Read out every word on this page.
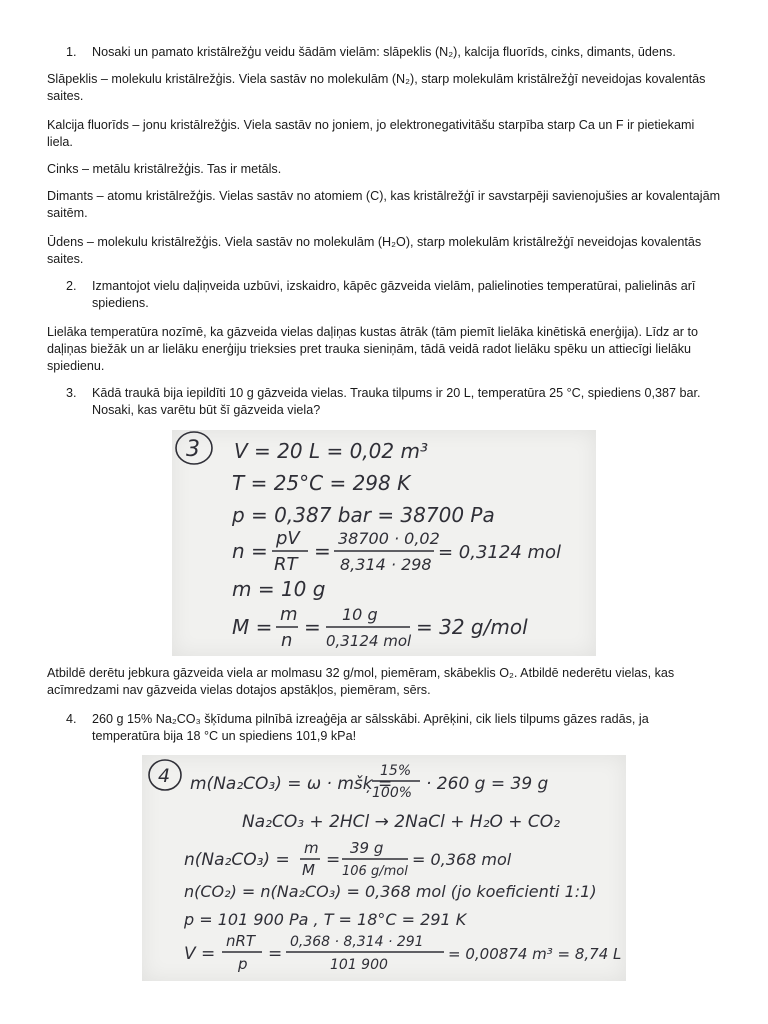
1.	Nosaki un pamato kristālrežģu veidu šādām vielām: slāpeklis (N₂), kalcija fluorīds, cinks, dimants, ūdens.
Slāpeklis – molekulu kristālrežģis. Viela sastāv no molekulām (N₂), starp molekulām kristālrežģī neveidojas kovalentās saites.
Kalcija fluorīds – jonu kristālrežģis. Viela sastāv no joniem, jo elektronegativitāšu starpība starp Ca un F ir pietiekami liela.
Cinks – metālu kristālrežģis. Tas ir metāls.
Dimants – atomu kristālrežģis. Vielas sastāv no atomiem (C), kas kristālrežģī ir savstarpēji savienojušies ar kovalentajām saitēm.
Ūdens – molekulu kristālrežģis. Viela sastāv no molekulām (H₂O), starp molekulām kristālrežģī neveidojas kovalentās saites.
2.	Izmantojot vielu daļiņveida uzbūvi, izskaidro, kāpēc gāzveida vielām, palielinoties temperatūrai, palielinās arī spiediens.
Lielāka temperatūra nozīmē, ka gāzveida vielas daļiņas kustas ātrāk (tām piemīt lielāka kinētiskā enerģija). Līdz ar to daļiņas biežāk un ar lielāku enerģiju trieksies pret trauka sieniņām, tādā veidā radot lielāku spēku un attiecīgi lielāku spiedienu.
3.	Kādā traukā bija iepildīti 10 g gāzveida vielas. Trauka tilpums ir 20 L, temperatūra 25 °C, spiediens 0,387 bar. Nosaki, kas varētu būt šī gāzveida viela?
3 V = 20 L = 0,02 m³
T = 25°C = 298 K
p = 0,387 bar = 38700 Pa
n =
pV
RT
=
38700 · 0,02
8,314 · 298
= 0,3124 mol
m = 10 g
M =
m
n
=
10 g
0,3124 mol
= 32 g/mol
Atbildē derētu jebkura gāzveida viela ar molmasu 32 g/mol, piemēram, skābeklis O₂. Atbildē nederētu vielas, kas acīmredzami nav gāzveida vielas dotajos apstākļos, piemēram, sērs.
4.	260 g 15% Na₂CO₃ šķīduma pilnībā izreaģēja ar sālsskābi. Aprēķini, cik liels tilpums gāzes radās, ja temperatūra bija 18 °C un spiediens 101,9 kPa!
4 m(Na₂CO₃) = ω · mšķ =
15%
100% · 260 g = 39 g
Na₂CO₃ + 2HCl → 2NaCl + H₂O + CO₂
n(Na₂CO₃) =
m
M =
39 g
106 g/mol
= 0,368 mol
n(CO₂) = n(Na₂CO₃) = 0,368 mol (jo koeficienti 1:1)
p = 101 900 Pa , T = 18°C = 291 K
V =
nRT
p =
0,368 · 8,314 · 291
101 900
= 0,00874 m³ = 8,74 L
